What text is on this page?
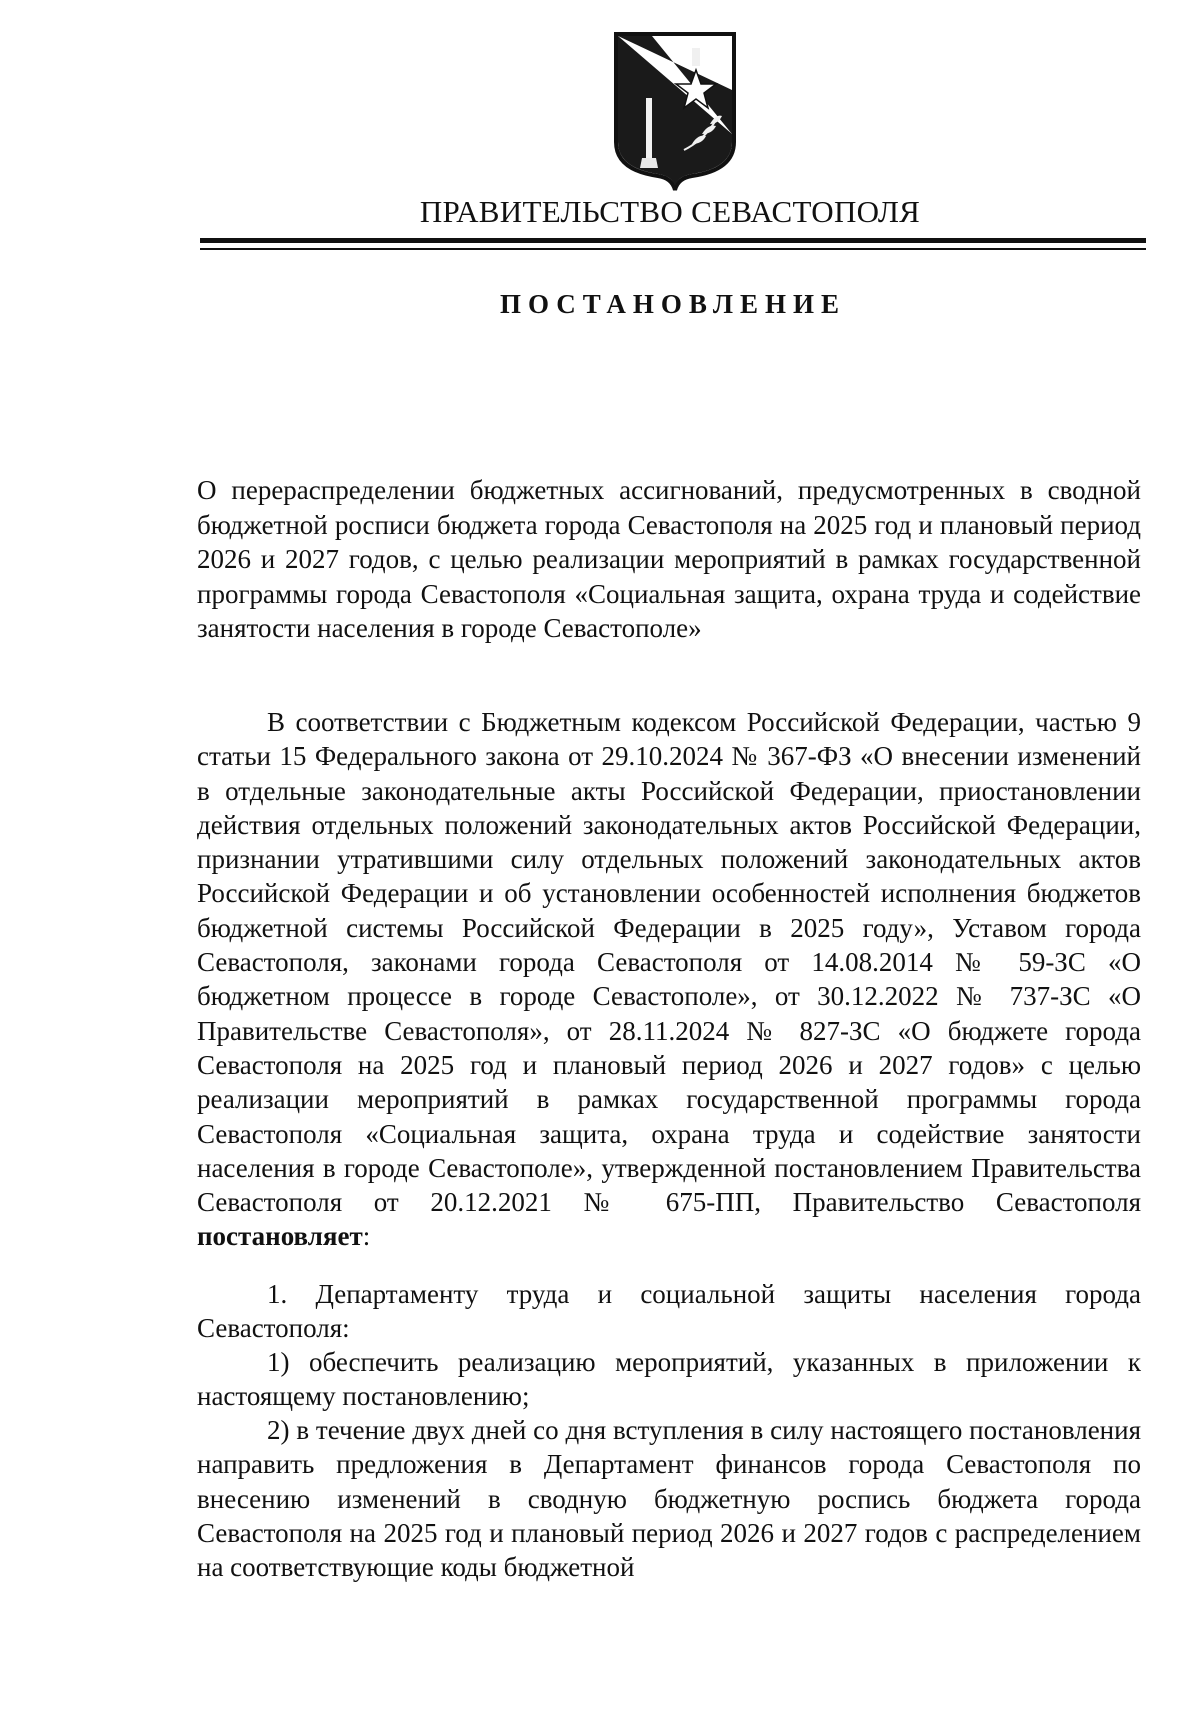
ПРАВИТЕЛЬСТВО СЕВАСТОПОЛЯ
ПОСТАНОВЛЕНИЕ
О перераспределении бюджетных ассигнований, предусмотренных в сводной бюджетной росписи бюджета города Севастополя на 2025 год и плановый период 2026 и 2027 годов, с целью реализации мероприятий в рамках государственной программы города Севастополя «Социальная защита, охрана труда и содействие занятости населения в городе Севастополе»

В соответствии с Бюджетным кодексом Российской Федерации, частью 9 статьи 15 Федерального закона от 29.10.2024 № 367-ФЗ «О внесении изменений в отдельные законодательные акты Российской Федерации, приостановлении действия отдельных положений законодательных актов Российской Федерации, признании утратившими силу отдельных положений законодательных актов Российской Федерации и об установлении особенностей исполнения бюджетов бюджетной системы Российской Федерации в 2025 году», Уставом города Севастополя, законами города Севастополя от 14.08.2014 № 59-ЗС «О бюджетном процессе в городе Севастополе», от 30.12.2022 № 737-ЗС «О Правительстве Севастополя», от 28.11.2024 № 827-ЗС «О бюджете города Севастополя на 2025 год и плановый период 2026 и 2027 годов» с целью реализации мероприятий в рамках государственной программы города Севастополя «Социальная защита, охрана труда и содействие занятости населения в городе Севастополе», утвержденной постановлением Правительства Севастополя от 20.12.2021 № 675-ПП, Правительство Севастополя постановляет:

1. Департаменту труда и социальной защиты населения города Севастополя:

1) обеспечить реализацию мероприятий, указанных в приложении к настоящему постановлению;

2) в течение двух дней со дня вступления в силу настоящего постановления направить предложения в Департамент финансов города Севастополя по внесению изменений в сводную бюджетную роспись бюджета города Севастополя на 2025 год и плановый период 2026 и 2027 годов с распределением на соответствующие коды бюджетной
